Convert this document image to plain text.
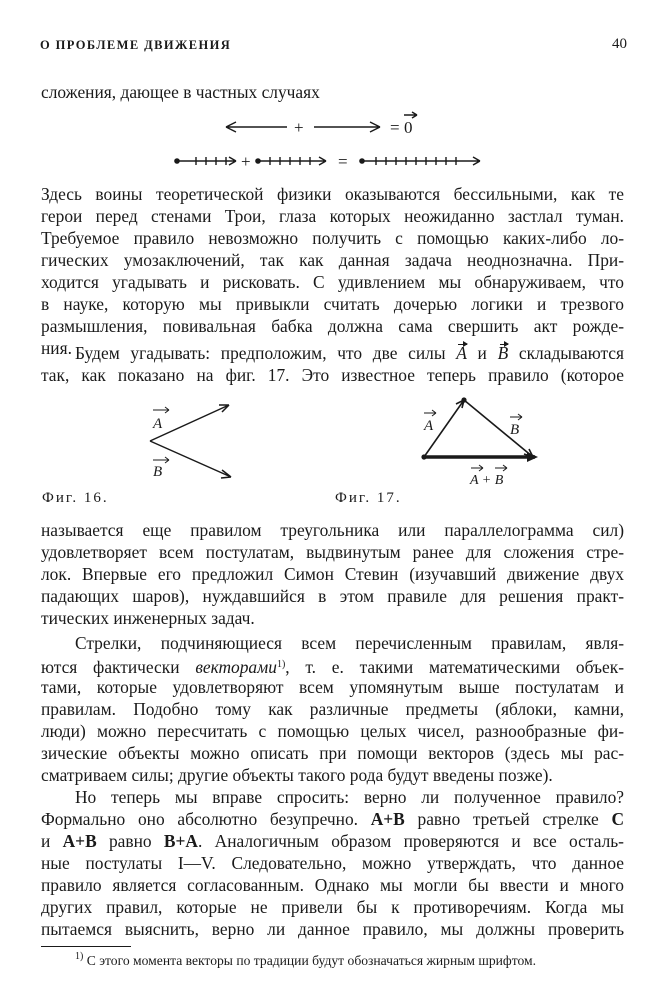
О ПРОБЛЕМЕ ДВИЖЕНИЯ	40
сложения, дающее в частных случаях
+	= 0
+	=
Здесь воины теоретической физики оказываются бессильными, как те
герои перед стенами Трои, глаза которых неожиданно застлал туман.
Требуемое правило невозможно получить с помощью каких-либо ло-
гических умозаключений, так как данная задача неоднозначна. При-
ходится угадывать и рисковать. С удивлением мы обнаруживаем, что
в науке, которую мы привыкли считать дочерью логики и трезвого
размышления, повивальная бабка должна сама свершить акт рожде-
ния. Будем угадывать: предположим, что две силы A и B складываются
так, как показано на фиг. 17. Это известное теперь правило (которое
A
B
A	B
A + B
Фиг. 16.	Фиг. 17.
называется еще правилом треугольника или параллелограмма сил)
удовлетворяет всем постулатам, выдвинутым ранее для сложения стре-
лок. Впервые его предложил Симон Стевин (изучавший движение двух
падающих шаров), нуждавшийся в этом правиле для решения практ-
тических инженерных задач.
Стрелки, подчиняющиеся всем перечисленным правилам, явля-
ются фактически векторами$^{1)}$, т. е. такими математическими объек-
тами, которые удовлетворяют всем упомянутым выше постулатам и
правилам. Подобно тому как различные предметы (яблоки, камни,
люди) можно пересчитать с помощью целых чисел, разнообразные фи-
зические объекты можно описать при помощи векторов (здесь мы рас-
сматриваем силы; другие объекты такого рода будут введены позже).
Но теперь мы вправе спросить: верно ли полученное правило?
Формально оно абсолютно безупречно. A+B равно третьей стрелке C
и A+B равно B+A. Аналогичным образом проверяются и все осталь-
ные постулаты I—V. Следовательно, можно утверждать, что данное
правило является согласованным. Однако мы могли бы ввести и много
других правил, которые не привели бы к противоречиям. Когда мы
пытаемся выяснить, верно ли данное правило, мы должны проверить
$^{1)}$ С этого момента векторы по традиции будут обозначаться жирным шрифтом.
